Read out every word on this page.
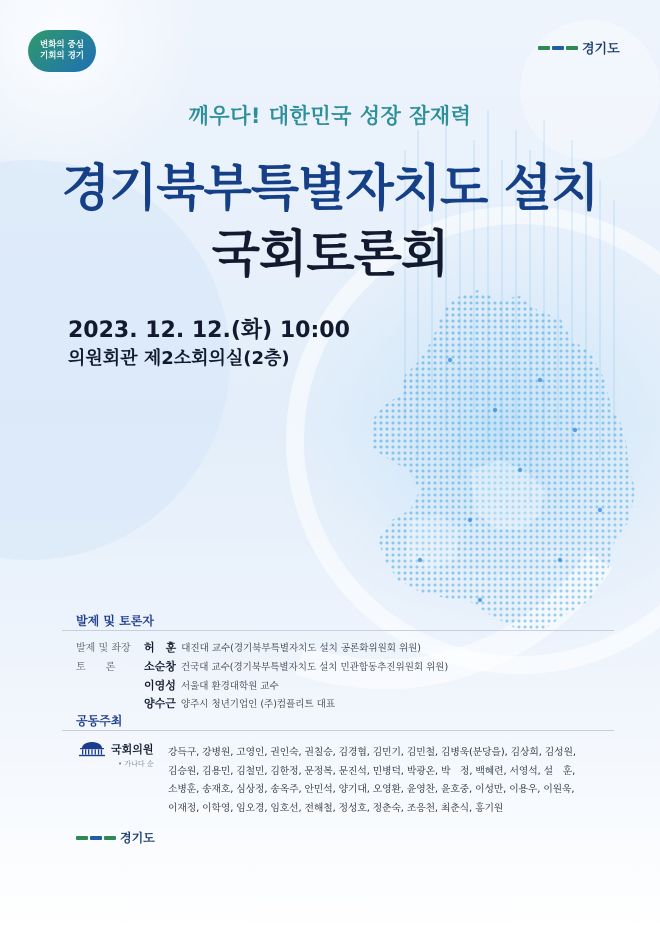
변화의 중심
기회의 경기	경기도
깨우다! 대한민국 성장 잠재력
경기북부특별자치도 설치
국회토론회
2023. 12. 12.(화) 10:00
의원회관 제2소회의실(2층)
발제 및 토론자
발제 및 좌장	허　훈 대진대 교수(경기북부특별자치도 설치 공론화위원회 위원)
토　　론	소순창 건국대 교수(경기북부특별자치도 설치 민관합동추진위원회 위원)
이영성 서울대 환경대학원 교수
양수근 양주시 청년기업인 (주)컴플리트 대표
공동주최
국회의원
• 가나다 순
강득구, 강병원, 고영인, 권인숙, 권칠승, 김경협, 김민기, 김민철, 김병욱(분당을), 김상희, 김성원,
김승원, 김용민, 김철민, 김한정, 문정복, 문진석, 민병덕, 박광온, 박　정, 백혜련, 서영석, 설　훈,
소병훈, 송재호, 심상정, 송옥주, 안민석, 양기대, 오영환, 윤영찬, 윤호중, 이성만, 이용우, 이원욱,
이재정, 이학영, 임오경, 임호선, 전해철, 정성호, 정춘숙, 조응천, 최춘식, 홍기원
경기도
